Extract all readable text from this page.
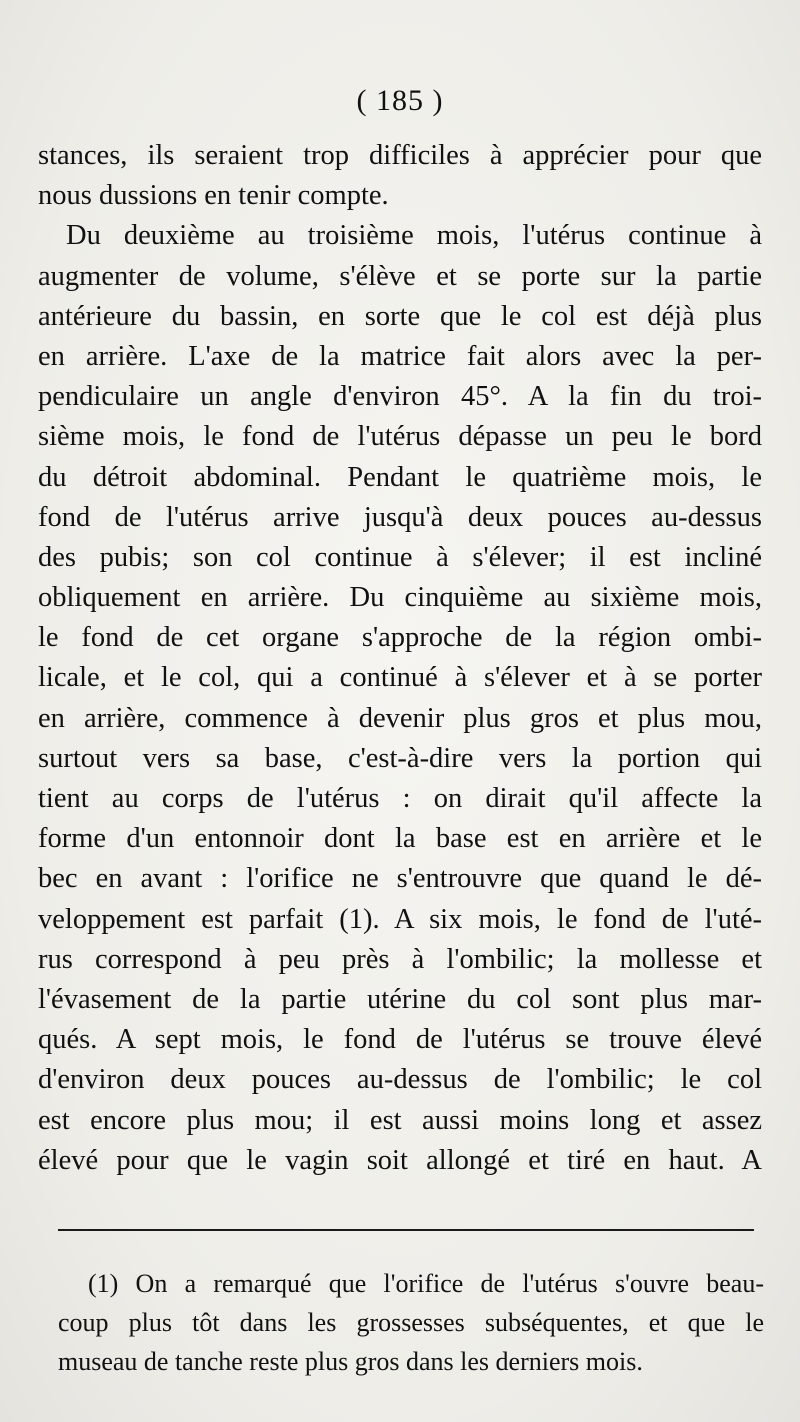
( 185 )
stances, ils seraient trop difficiles à apprécier pour que
nous dussions en tenir compte.
Du deuxième au troisième mois, l'utérus continue à
augmenter de volume, s'élève et se porte sur la partie
antérieure du bassin, en sorte que le col est déjà plus
en arrière. L'axe de la matrice fait alors avec la per-
pendiculaire un angle d'environ 45°. A la fin du troi-
sième mois, le fond de l'utérus dépasse un peu le bord
du détroit abdominal. Pendant le quatrième mois, le
fond de l'utérus arrive jusqu'à deux pouces au-dessus
des pubis; son col continue à s'élever; il est incliné
obliquement en arrière. Du cinquième au sixième mois,
le fond de cet organe s'approche de la région ombi-
licale, et le col, qui a continué à s'élever et à se porter
en arrière, commence à devenir plus gros et plus mou,
surtout vers sa base, c'est-à-dire vers la portion qui
tient au corps de l'utérus : on dirait qu'il affecte la
forme d'un entonnoir dont la base est en arrière et le
bec en avant : l'orifice ne s'entrouvre que quand le dé-
veloppement est parfait (1). A six mois, le fond de l'uté-
rus correspond à peu près à l'ombilic; la mollesse et
l'évasement de la partie utérine du col sont plus mar-
qués. A sept mois, le fond de l'utérus se trouve élevé
d'environ deux pouces au-dessus de l'ombilic; le col
est encore plus mou; il est aussi moins long et assez
élevé pour que le vagin soit allongé et tiré en haut. A
(1) On a remarqué que l'orifice de l'utérus s'ouvre beau-
coup plus tôt dans les grossesses subséquentes, et que le
museau de tanche reste plus gros dans les derniers mois.
